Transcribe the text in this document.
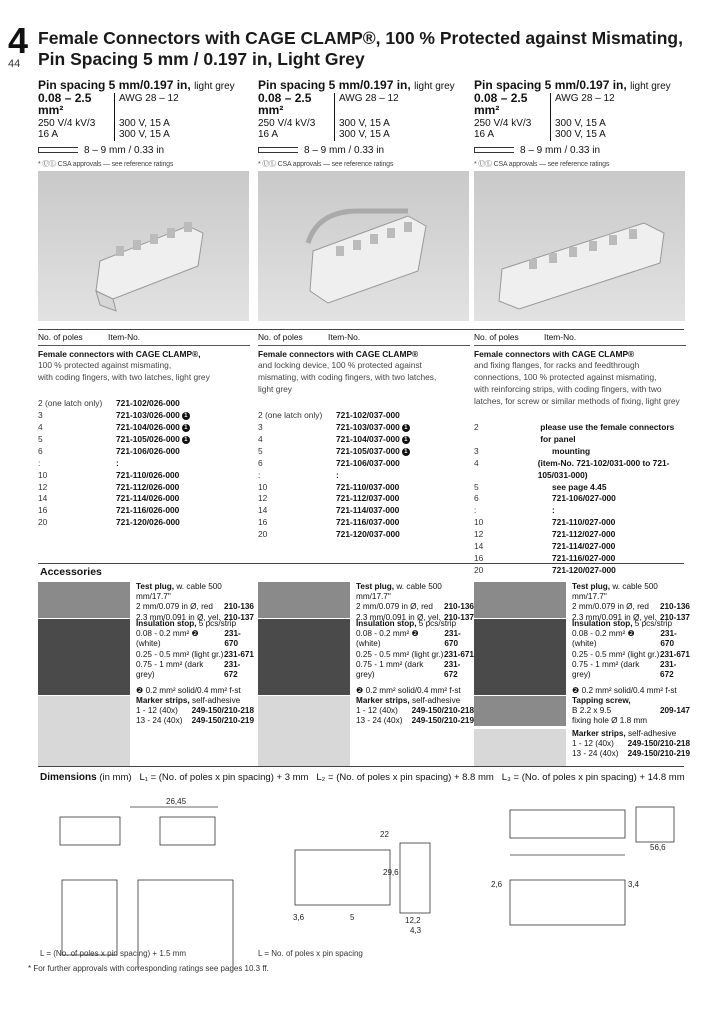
4
44
Female Connectors with CAGE CLAMP®, 100 % Protected against Mismating,
Pin Spacing 5 mm / 0.197 in, Light Grey
Pin spacing 5 mm/0.197 in, light grey
0.08 – 2.5 mm²
AWG 28 – 12
250 V/4 kV/3	300 V, 15 A
16 A	300 V, 15 A
8 – 9 mm / 0.33 in
* ⓊⓁ CSA approvals — see reference ratings
No. of poles	Item-No.
Female connectors with CAGE CLAMP®,
100 % protected against mismating,
with coding fingers, with two latches, light grey
2 (one latch only)	721-102/026-000
3	721-103/026-000 1
4	721-104/026-000 1
5	721-105/026-000 1
6	721-106/026-000
:	:
10	721-110/026-000
12	721-112/026-000
14	721-114/026-000
16	721-116/026-000
20	721-120/026-000
Pin spacing 5 mm/0.197 in, light grey
0.08 – 2.5 mm²
AWG 28 – 12
250 V/4 kV/3	300 V, 15 A
16 A	300 V, 15 A
8 – 9 mm / 0.33 in
* ⓊⓁ CSA approvals — see reference ratings
No. of poles	Item-No.
Female connectors with CAGE CLAMP®
and locking device, 100 % protected against
mismating, with coding fingers, with two latches,
light grey
2 (one latch only)	721-102/037-000
3	721-103/037-000 1
4	721-104/037-000 1
5	721-105/037-000 1
6	721-106/037-000
:	:
10	721-110/037-000
12	721-112/037-000
14	721-114/037-000
16	721-116/037-000
20	721-120/037-000
Pin spacing 5 mm/0.197 in, light grey
0.08 – 2.5 mm²
AWG 28 – 12
250 V/4 kV/3	300 V, 15 A
16 A	300 V, 15 A
8 – 9 mm / 0.33 in
* ⓊⓁ CSA approvals — see reference ratings
No. of poles	Item-No.
Female connectors with CAGE CLAMP®
and fixing flanges, for racks and feedthrough
connections, 100 % protected against mismating,
with reinforcing strips, with coding fingers, with two
latches, for screw or similar methods of fixing, light grey
2	please use the female connectors for panel
3	mounting
4	(item-No. 721-102/031-000 to 721-105/031-000)
5	see page 4.45
6	721-106/027-000
:	:
10	721-110/027-000
12	721-112/027-000
14	721-114/027-000
16	721-116/027-000
20	721-120/027-000
Accessories
Test plug, w. cable 500 mm/17.7"
2 mm/0.079 in Ø, red 210-136
2.3 mm/0.091 in Ø, yel. 210-137
Test plug, w. cable 500 mm/17.7"
2 mm/0.079 in Ø, red 210-136
2.3 mm/0.091 in Ø, yel. 210-137
Test plug, w. cable 500 mm/17.7"
2 mm/0.079 in Ø, red 210-136
2.3 mm/0.091 in Ø, yel. 210-137
Insulation stop, 5 pcs/strip
0.08 - 0.2 mm² ❷ (white)
231-670
0.25 - 0.5 mm² (light gr.) 231-671
0.75 - 1 mm² (dark grey)
231-672
❷ 0.2 mm² solid/0.4 mm² f-st
Insulation stop, 5 pcs/strip
0.08 - 0.2 mm² ❷ (white)
231-670
0.25 - 0.5 mm² (light gr.) 231-671
0.75 - 1 mm² (dark grey)
231-672
❷ 0.2 mm² solid/0.4 mm² f-st
Insulation stop, 5 pcs/strip
0.08 - 0.2 mm² ❷ (white)
231-670
0.25 - 0.5 mm² (light gr.) 231-671
0.75 - 1 mm² (dark grey)
231-672
❷ 0.2 mm² solid/0.4 mm² f-st
Marker strips, self-adhesive
1 - 12 (40x) 249-150/210-218
13 - 24 (40x) 249-150/210-219
Marker strips, self-adhesive
1 - 12 (40x) 249-150/210-218
13 - 24 (40x) 249-150/210-219
Tapping screw,
B 2.2 x 9.5	209-147
fixing hole Ø 1.8 mm
Marker strips, self-adhesive
1 - 12 (40x) 249-150/210-218
13 - 24 (40x) 249-150/210-219
Dimensions (in mm) L₁ = (No. of poles x pin spacing) + 3 mm L₂ = (No. of poles x pin spacing) + 8.8 mm L₃ = (No. of poles x pin spacing) + 14.8 mm
26,45
22
29,6
12,2
3,6	5
4,3
56,6
2,6	3,4
L = (No. of poles x pin spacing) + 1.5 mm	L = No. of poles x pin spacing
* For further approvals with corresponding ratings see pages 10.3 ff.
